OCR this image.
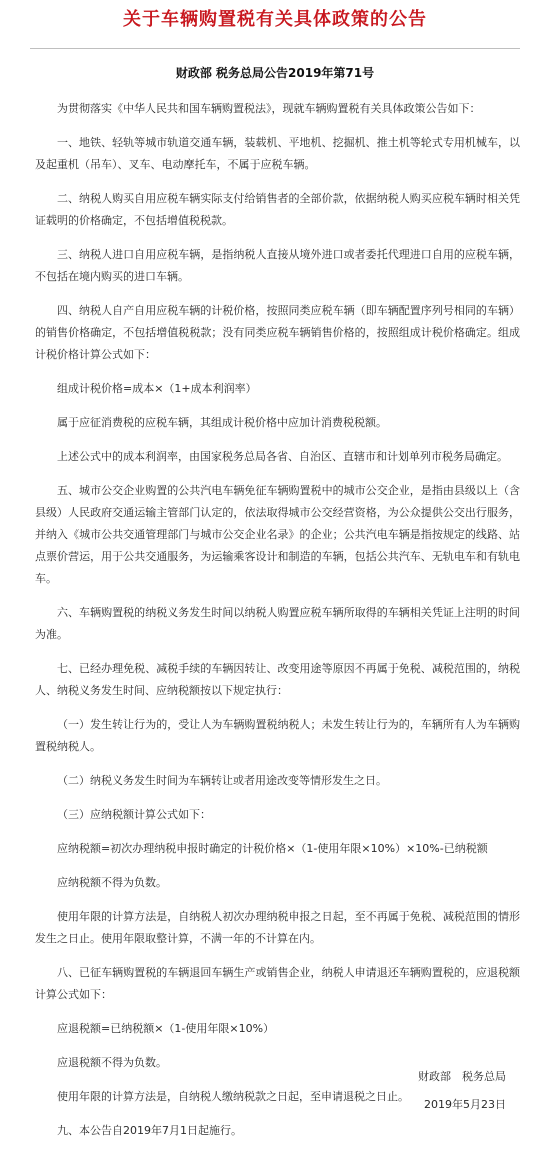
关于车辆购置税有关具体政策的公告
财政部 税务总局公告2019年第71号

为贯彻落实《中华人民共和国车辆购置税法》，现就车辆购置税有关具体政策公告如下：

一、地铁、轻轨等城市轨道交通车辆，装载机、平地机、挖掘机、推土机等轮式专用机械车，以及起重机（吊车）、叉车、电动摩托车，不属于应税车辆。

二、纳税人购买自用应税车辆实际支付给销售者的全部价款，依据纳税人购买应税车辆时相关凭证载明的价格确定，不包括增值税税款。

三、纳税人进口自用应税车辆，是指纳税人直接从境外进口或者委托代理进口自用的应税车辆，不包括在境内购买的进口车辆。

四、纳税人自产自用应税车辆的计税价格，按照同类应税车辆（即车辆配置序列号相同的车辆）的销售价格确定，不包括增值税税款；没有同类应税车辆销售价格的，按照组成计税价格确定。组成计税价格计算公式如下：

组成计税价格=成本×（1+成本利润率）

属于应征消费税的应税车辆，其组成计税价格中应加计消费税税额。

上述公式中的成本利润率，由国家税务总局各省、自治区、直辖市和计划单列市税务局确定。

五、城市公交企业购置的公共汽电车辆免征车辆购置税中的城市公交企业，是指由县级以上（含县级）人民政府交通运输主管部门认定的，依法取得城市公交经营资格，为公众提供公交出行服务，并纳入《城市公共交通管理部门与城市公交企业名录》的企业；公共汽电车辆是指按规定的线路、站点票价营运，用于公共交通服务，为运输乘客设计和制造的车辆，包括公共汽车、无轨电车和有轨电车。

六、车辆购置税的纳税义务发生时间以纳税人购置应税车辆所取得的车辆相关凭证上注明的时间为准。

七、已经办理免税、减税手续的车辆因转让、改变用途等原因不再属于免税、减税范围的，纳税人、纳税义务发生时间、应纳税额按以下规定执行：

（一）发生转让行为的，受让人为车辆购置税纳税人；未发生转让行为的，车辆所有人为车辆购置税纳税人。

（二）纳税义务发生时间为车辆转让或者用途改变等情形发生之日。

（三）应纳税额计算公式如下：

应纳税额=初次办理纳税申报时确定的计税价格×（1-使用年限×10%）×10%-已纳税额

应纳税额不得为负数。

使用年限的计算方法是，自纳税人初次办理纳税申报之日起，至不再属于免税、减税范围的情形发生之日止。使用年限取整计算，不满一年的不计算在内。

八、已征车辆购置税的车辆退回车辆生产或销售企业，纳税人申请退还车辆购置税的，应退税额计算公式如下：

应退税额=已纳税额×（1-使用年限×10%）

应退税额不得为负数。

使用年限的计算方法是，自纳税人缴纳税款之日起，至申请退税之日止。

九、本公告自2019年7月1日起施行。

财政部　税务总局
2019年5月23日
